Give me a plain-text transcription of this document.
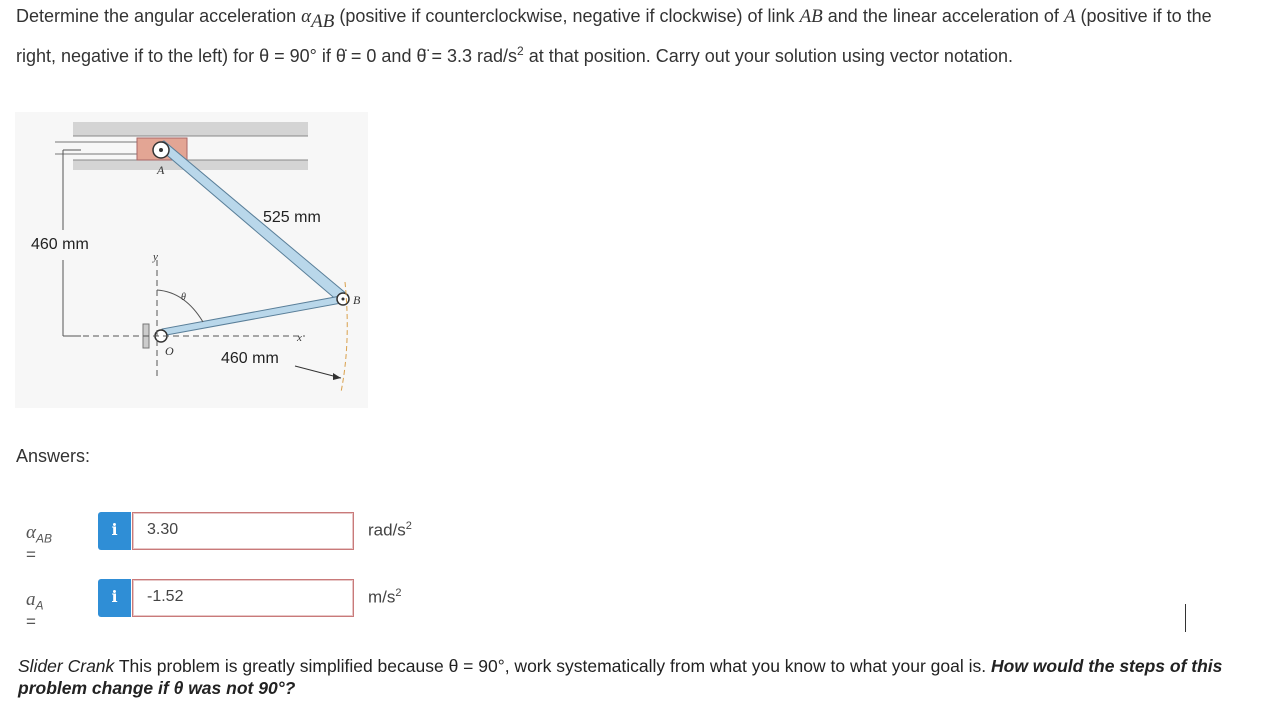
Determine the angular acceleration $\alpha_{AB}$ (positive if counterclockwise, negative if clockwise) of link AB and the linear acceleration of A (positive if to the right, negative if to the left) for θ = 90° if θ̇ = 0 and θ̈ = 3.3 rad/$s^2$ at that position. Carry out your solution using vector notation.
A
B
O
y
x
θ
525 mm
460 mm
460 mm
Answers:
$\alpha_{AB}$ =
i	3.30	rad/$s^2$
$a_A$ =
i	-1.52	$m/s^2$
Slider Crank This problem is greatly simplified because θ = 90°, work systematically from what you know to what your goal is. How would the steps of this problem change if θ was not 90°?
